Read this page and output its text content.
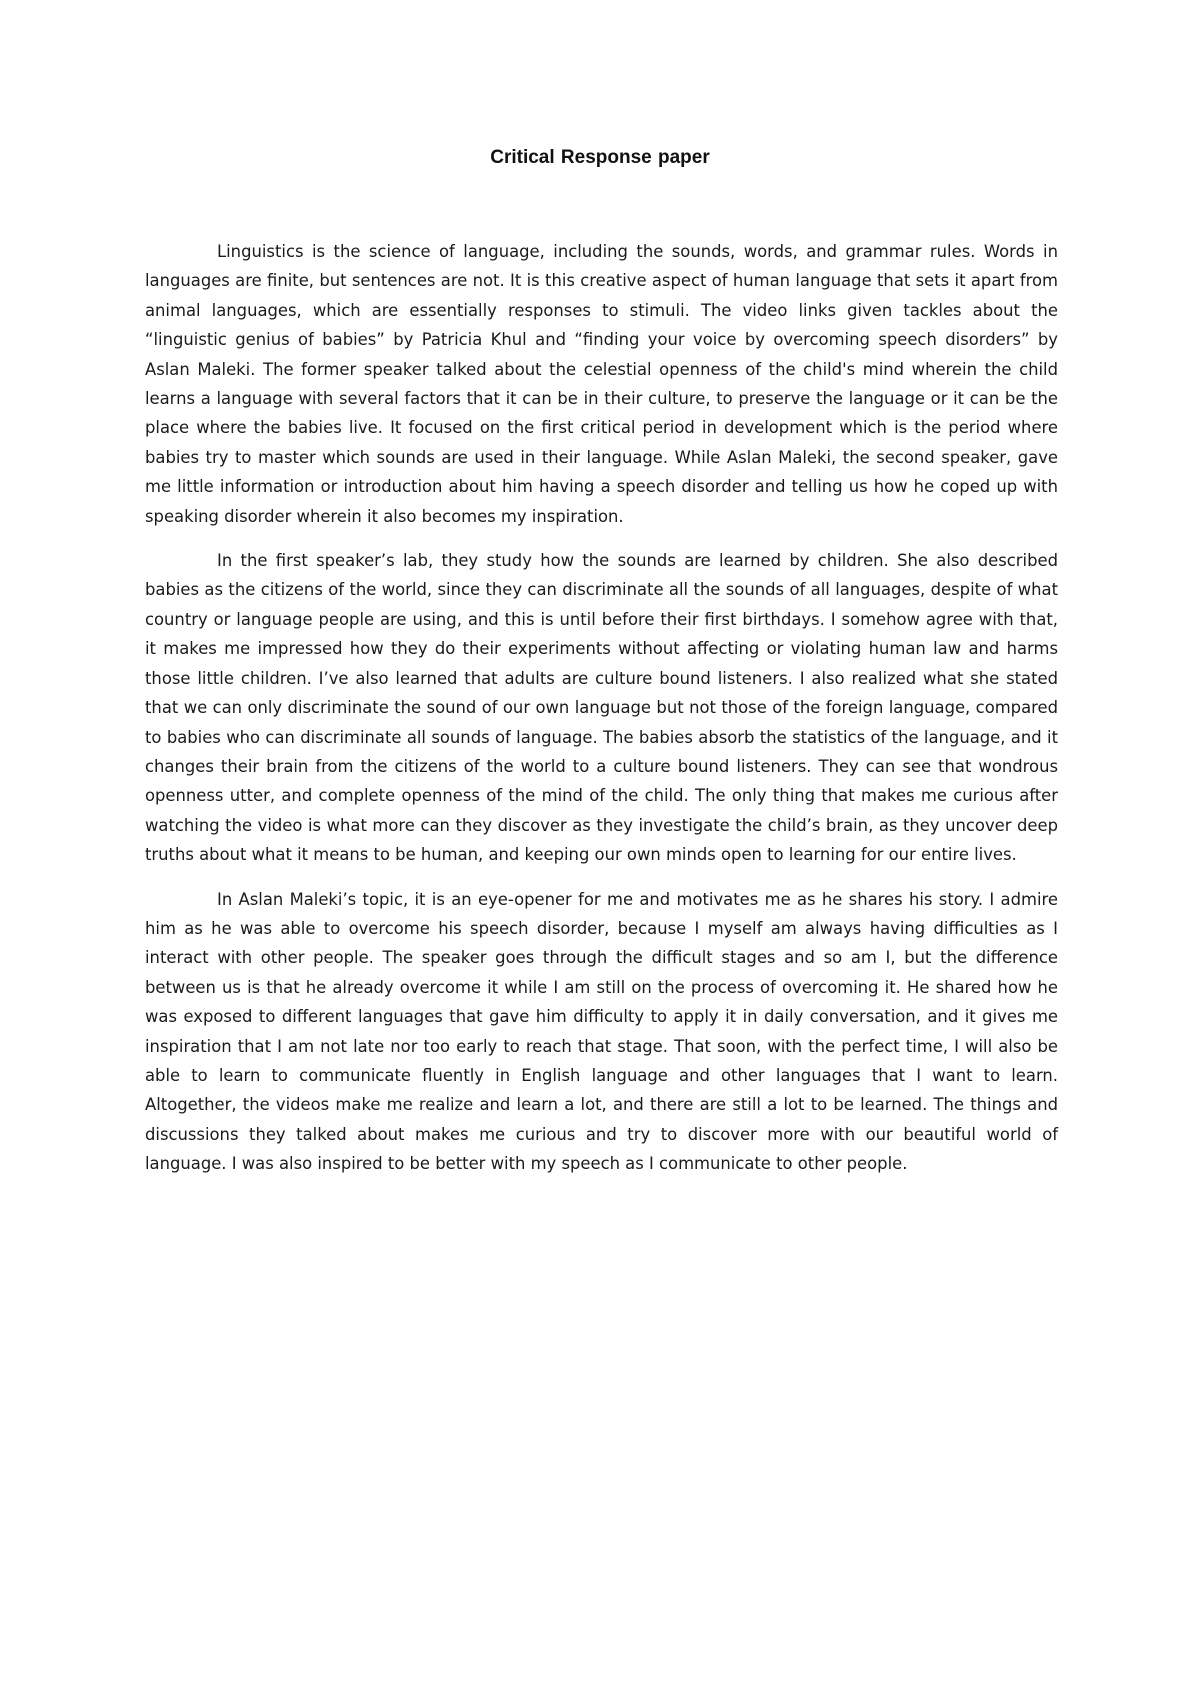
Critical Response paper

Linguistics is the science of language, including the sounds, words, and grammar rules. Words in languages are finite, but sentences are not. It is this creative aspect of human language that sets it apart from animal languages, which are essentially responses to stimuli. The video links given tackles about the “linguistic genius of babies” by Patricia Khul and “finding your voice by overcoming speech disorders” by Aslan Maleki. The former speaker talked about the celestial openness of the child's mind wherein the child learns a language with several factors that it can be in their culture, to preserve the language or it can be the place where the babies live. It focused on the first critical period in development which is the period where babies try to master which sounds are used in their language. While Aslan Maleki, the second speaker, gave me little information or introduction about him having a speech disorder and telling us how he coped up with speaking disorder wherein it also becomes my inspiration.

In the first speaker’s lab, they study how the sounds are learned by children. She also described babies as the citizens of the world, since they can discriminate all the sounds of all languages, despite of what country or language people are using, and this is until before their first birthdays. I somehow agree with that, it makes me impressed how they do their experiments without affecting or violating human law and harms those little children. I’ve also learned that adults are culture bound listeners. I also realized what she stated that we can only discriminate the sound of our own language but not those of the foreign language, compared to babies who can discriminate all sounds of language. The babies absorb the statistics of the language, and it changes their brain from the citizens of the world to a culture bound listeners. They can see that wondrous openness utter, and complete openness of the mind of the child. The only thing that makes me curious after watching the video is what more can they discover as they investigate the child’s brain, as they uncover deep truths about what it means to be human, and keeping our own minds open to learning for our entire lives.

In Aslan Maleki’s topic, it is an eye-opener for me and motivates me as he shares his story. I admire him as he was able to overcome his speech disorder, because I myself am always having difficulties as I interact with other people. The speaker goes through the difficult stages and so am I, but the difference between us is that he already overcome it while I am still on the process of overcoming it. He shared how he was exposed to different languages that gave him difficulty to apply it in daily conversation, and it gives me inspiration that I am not late nor too early to reach that stage. That soon, with the perfect time, I will also be able to learn to communicate fluently in English language and other languages that I want to learn. Altogether, the videos make me realize and learn a lot, and there are still a lot to be learned. The things and discussions they talked about makes me curious and try to discover more with our beautiful world of language. I was also inspired to be better with my speech as I communicate to other people.
